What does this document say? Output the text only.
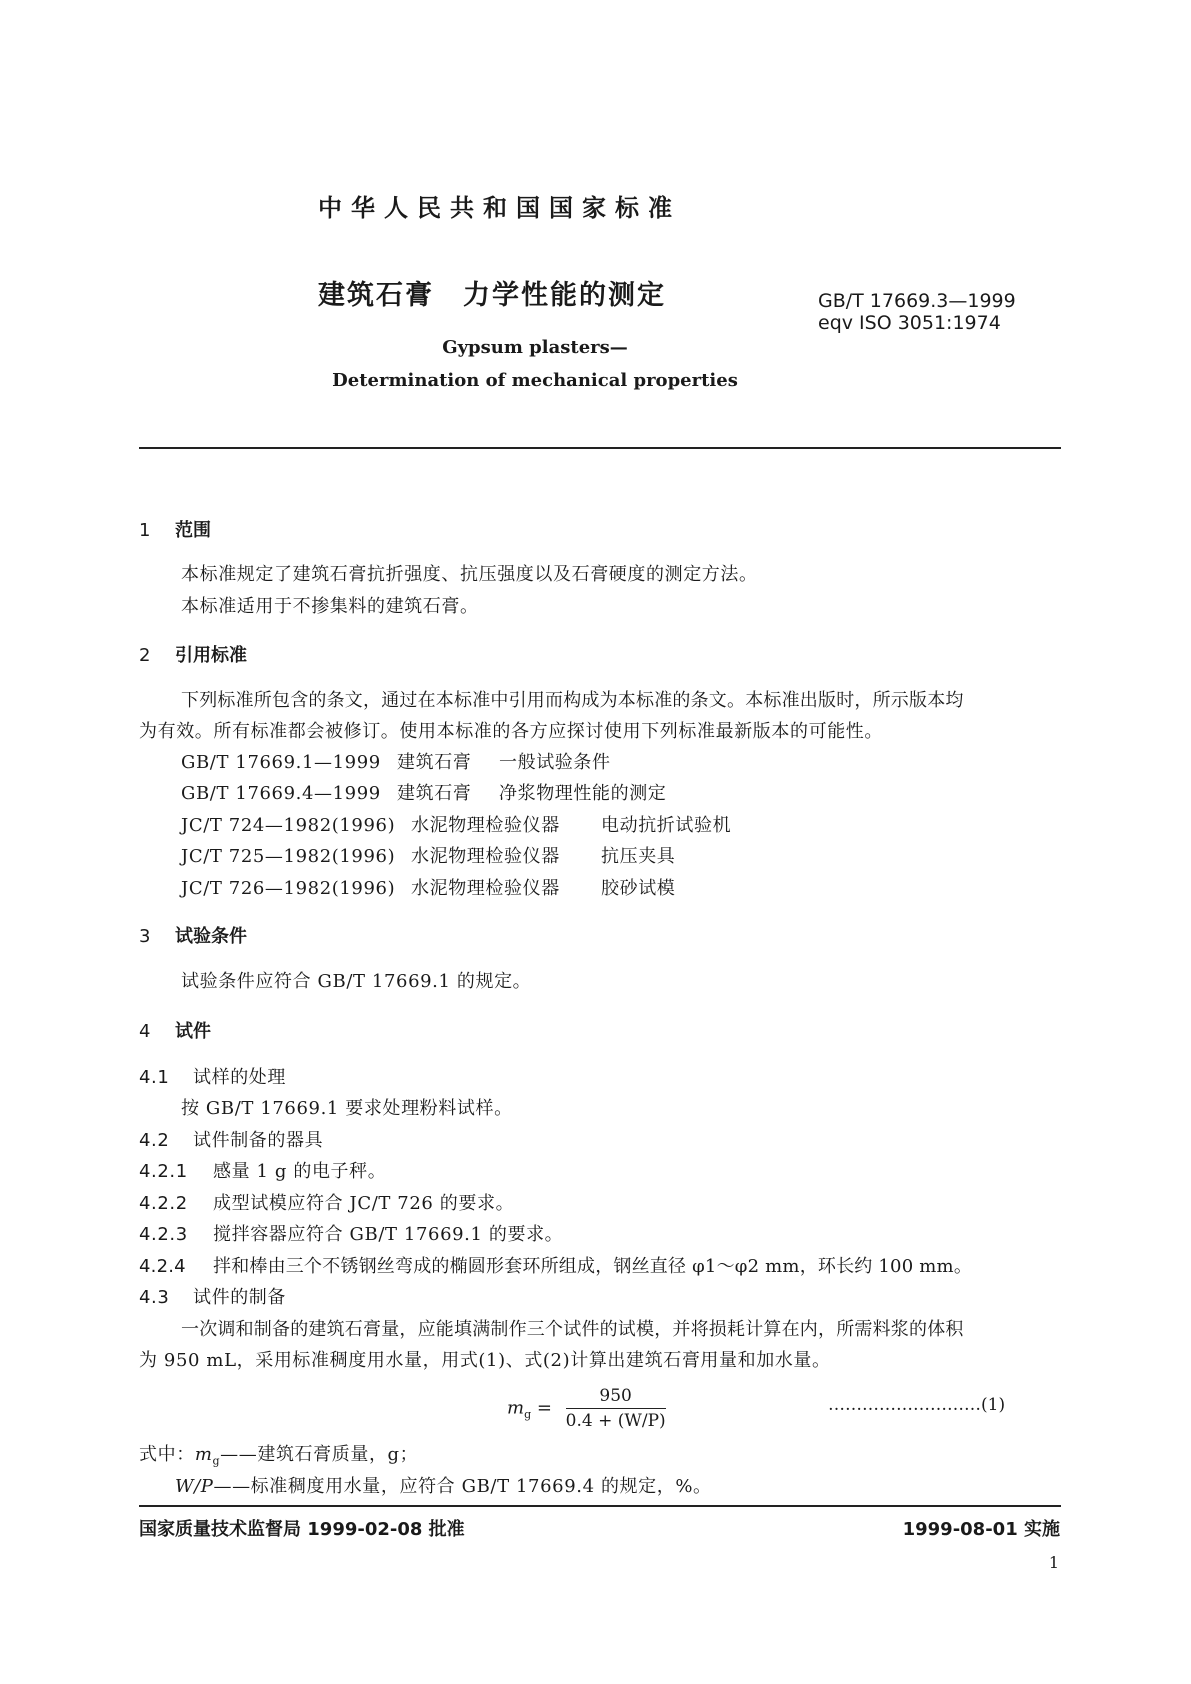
中华人民共和国国家标准
建筑石膏　力学性能的测定	GB/T 17669.3—1999
eqv ISO 3051:1974
Gypsum plasters—
Determination of mechanical properties
1 范围
本标准规定了建筑石膏抗折强度、抗压强度以及石膏硬度的测定方法。
本标准适用于不掺集料的建筑石膏。
2 引用标准
下列标准所包含的条文，通过在本标准中引用而构成为本标准的条文。本标准出版时，所示版本均
为有效。所有标准都会被修订。使用本标准的各方应探讨使用下列标准最新版本的可能性。
GB/T 17669.1—1999 建筑石膏 一般试验条件
GB/T 17669.4—1999 建筑石膏 净浆物理性能的测定
JC/T 724—1982(1996) 水泥物理检验仪器 电动抗折试验机
JC/T 725—1982(1996) 水泥物理检验仪器 抗压夹具
JC/T 726—1982(1996) 水泥物理检验仪器 胶砂试模
3 试验条件
试验条件应符合 GB/T 17669.1 的规定。
4 试件
4.1 试样的处理
按 GB/T 17669.1 要求处理粉料试样。
4.2 试件制备的器具
4.2.1 感量 1 g 的电子秤。
4.2.2 成型试模应符合 JC/T 726 的要求。
4.2.3 搅拌容器应符合 GB/T 17669.1 的要求。
4.2.4 拌和棒由三个不锈钢丝弯成的椭圆形套环所组成，钢丝直径 φ1～φ2 mm，环长约 100 mm。
4.3 试件的制备
一次调和制备的建筑石膏量，应能填满制作三个试件的试模，并将损耗计算在内，所需料浆的体积
为 950 mL，采用标准稠度用水量，用式(1)、式(2)计算出建筑石膏用量和加水量。
$m_g = \frac{950}{0.4 + (W/P)}$	………………………(1)
式中：$m_g——$建筑石膏质量，g；
W/P——标准稠度用水量，应符合 GB/T 17669.4 的规定，%。
国家质量技术监督局 1999-02-08 批准	1999-08-01 实施
1
